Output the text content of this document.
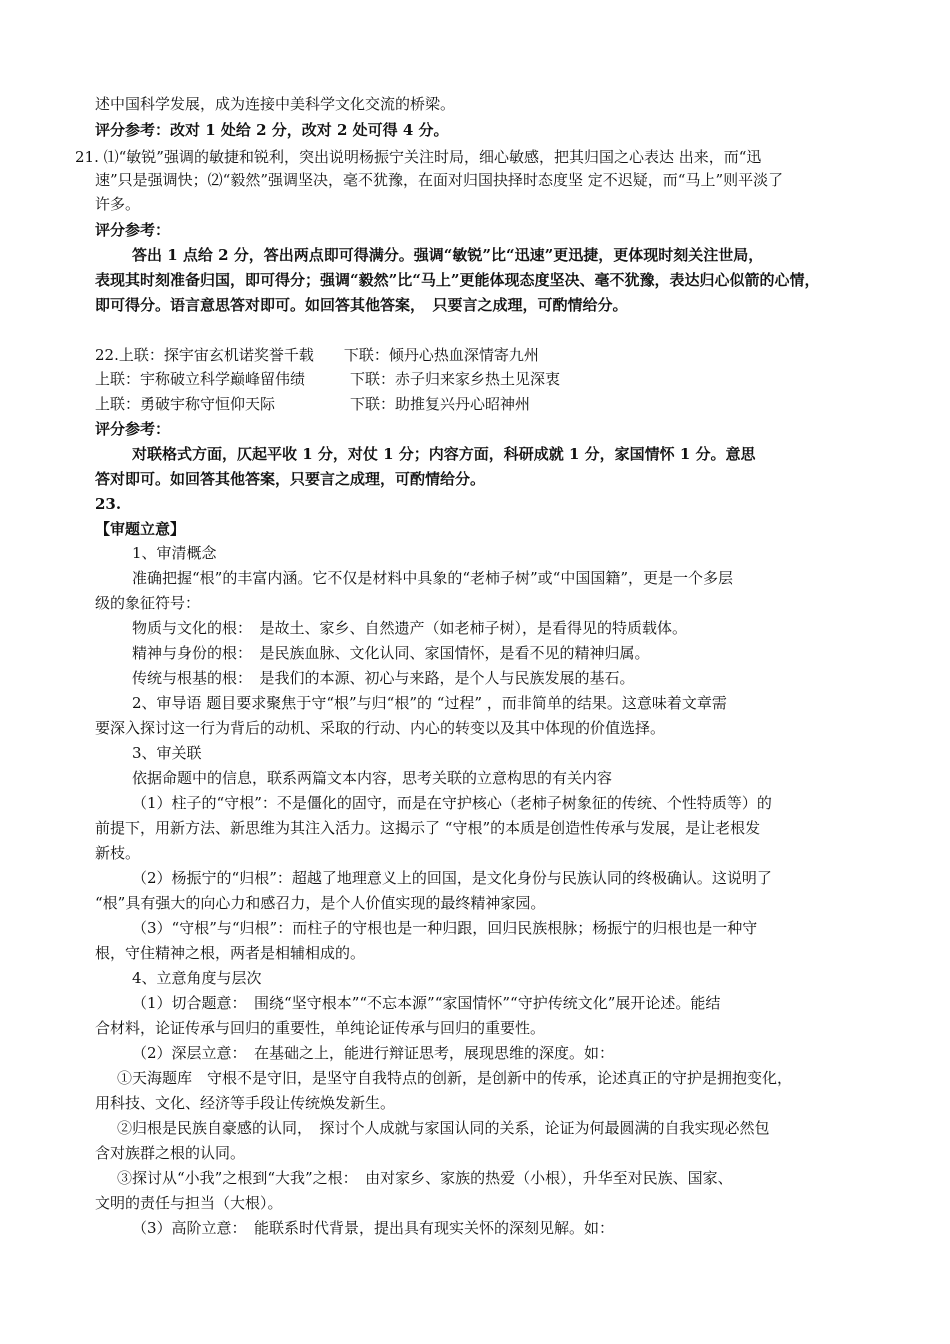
述中国科学发展，成为连接中美科学文化交流的桥梁。
评分参考：改对 1 处给 2 分，改对 2 处可得 4 分。
21. ⑴“敏锐”强调的敏捷和锐利，突出说明杨振宁关注时局，细心敏感，把其归国之心表达 出来，而“迅
速”只是强调快；⑵“毅然”强调坚决，毫不犹豫，在面对归国抉择时态度坚 定不迟疑，而“马上”则平淡了
许多。
评分参考：
答出 1 点给 2 分，答出两点即可得满分。强调“敏锐”比“迅速”更迅捷，更体现时刻关注世局，
表现其时刻准备归国，即可得分；强调“毅然”比“马上”更能体现态度坚决、毫不犹豫，表达归心似箭的心情，
即可得分。语言意思答对即可。如回答其他答案，　只要言之成理，可酌情给分。
22.上联：探宇宙玄机诺奖誉千载　　下联：倾丹心热血深情寄九州
上联：宇称破立科学巅峰留伟绩　　　下联：赤子归来家乡热土见深衷
上联：勇破宇称守恒仰天际　　　　　下联：助推复兴丹心昭神州
评分参考：
对联格式方面，仄起平收 1 分，对仗 1 分；内容方面，科研成就 1 分，家国情怀 1 分。意思
答对即可。如回答其他答案，只要言之成理，可酌情给分。
23.
【审题立意】
1、审清概念
准确把握“根”的丰富内涵。它不仅是材料中具象的“老柿子树”或“中国国籍”，更是一个多层
级的象征符号：
物质与文化的根：　是故土、家乡、自然遗产（如老柿子树），是看得见的特质载体。
精神与身份的根：　是民族血脉、文化认同、家国情怀，是看不见的精神归属。
传统与根基的根：　是我们的本源、初心与来路，是个人与民族发展的基石。
2、审导语 题目要求聚焦于守“根”与归“根”的 “过程” ，而非简单的结果。这意味着文章需
要深入探讨这一行为背后的动机、采取的行动、内心的转变以及其中体现的价值选择。
3、审关联
依据命题中的信息，联系两篇文本内容，思考关联的立意构思的有关内容
（1）柱子的“守根”：不是僵化的固守，而是在守护核心（老柿子树象征的传统、个性特质等）的
前提下，用新方法、新思维为其注入活力。这揭示了 “守根”的本质是创造性传承与发展，是让老根发
新枝。
（2）杨振宁的“归根”：超越了地理意义上的回国，是文化身份与民族认同的终极确认。这说明了
“根”具有强大的向心力和感召力，是个人价值实现的最终精神家园。
（3）“守根”与“归根”：而柱子的守根也是一种归跟，回归民族根脉；杨振宁的归根也是一种守
根，守住精神之根，两者是相辅相成的。
4、立意角度与层次
（1）切合题意：　围绕“坚守根本”“不忘本源”“家国情怀”“守护传统文化”展开论述。能结
合材料，论证传承与回归的重要性，单纯论证传承与回归的重要性。
（2）深层立意：　在基础之上，能进行辩证思考，展现思维的深度。如：
①天海题库　守根不是守旧，是坚守自我特点的创新，是创新中的传承，论述真正的守护是拥抱变化，
用科技、文化、经济等手段让传统焕发新生。
②归根是民族自豪感的认同，　探讨个人成就与家国认同的关系，论证为何最圆满的自我实现必然包
含对族群之根的认同。
③探讨从“小我”之根到“大我”之根：　由对家乡、家族的热爱（小根），升华至对民族、国家、
文明的责任与担当（大根）。
（3）高阶立意：　能联系时代背景，提出具有现实关怀的深刻见解。如：
